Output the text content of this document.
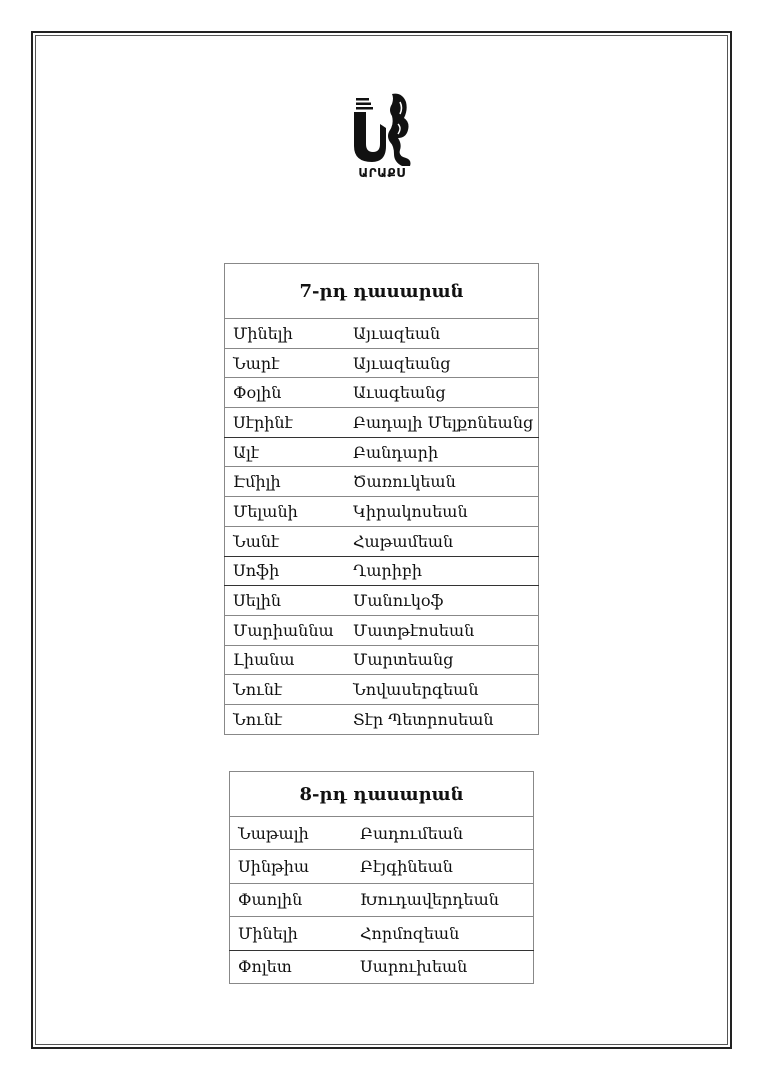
ԱՐԱՔՍ
7-րդ դասարան	
Մինելի	Այւազեան
Նարէ	Այւազեանց
Փօլին	Աւագեանց
Սէրինէ	Բադալի Մելքոնեանց
Ալէ	Բանդարի
Էմիլի	Ծառուկեան
Մելանի	Կիրակոսեան
Նանէ	Հաթամեան
Սոֆի	Ղարիբի
Սելին	Մանուկօֆ
Մարիաննա	Մատթէոսեան
Լիանա	Մարտեանց
Նունէ	Նովասերգեան
Նունէ	Տէր Պետրոսեան
8-րդ դասարան	
Նաթալի	Բադումեան
Սինթիա	Բէյգինեան
Փաոլին	Խուդավերդեան
Մինելի	Հորմոզեան
Փոլետ	Սարուխեան
